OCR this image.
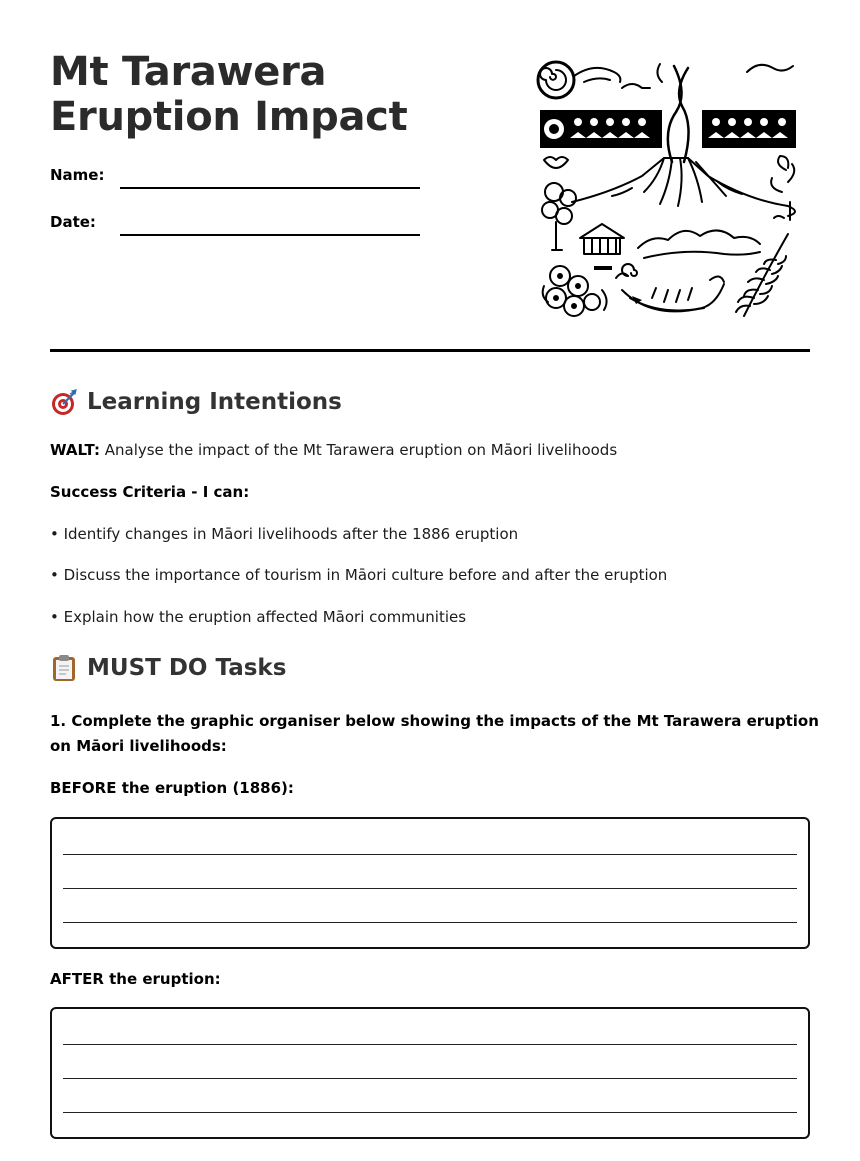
Mt Tarawera Eruption Impact
Name:
Date:
Learning Intentions
WALT: Analyse the impact of the Mt Tarawera eruption on Māori livelihoods
Success Criteria - I can:
• Identify changes in Māori livelihoods after the 1886 eruption
• Discuss the importance of tourism in Māori culture before and after the eruption
• Explain how the eruption affected Māori communities
MUST DO Tasks
1. Complete the graphic organiser below showing the impacts of the Mt Tarawera eruption on Māori livelihoods:
BEFORE the eruption (1886):
AFTER the eruption:
